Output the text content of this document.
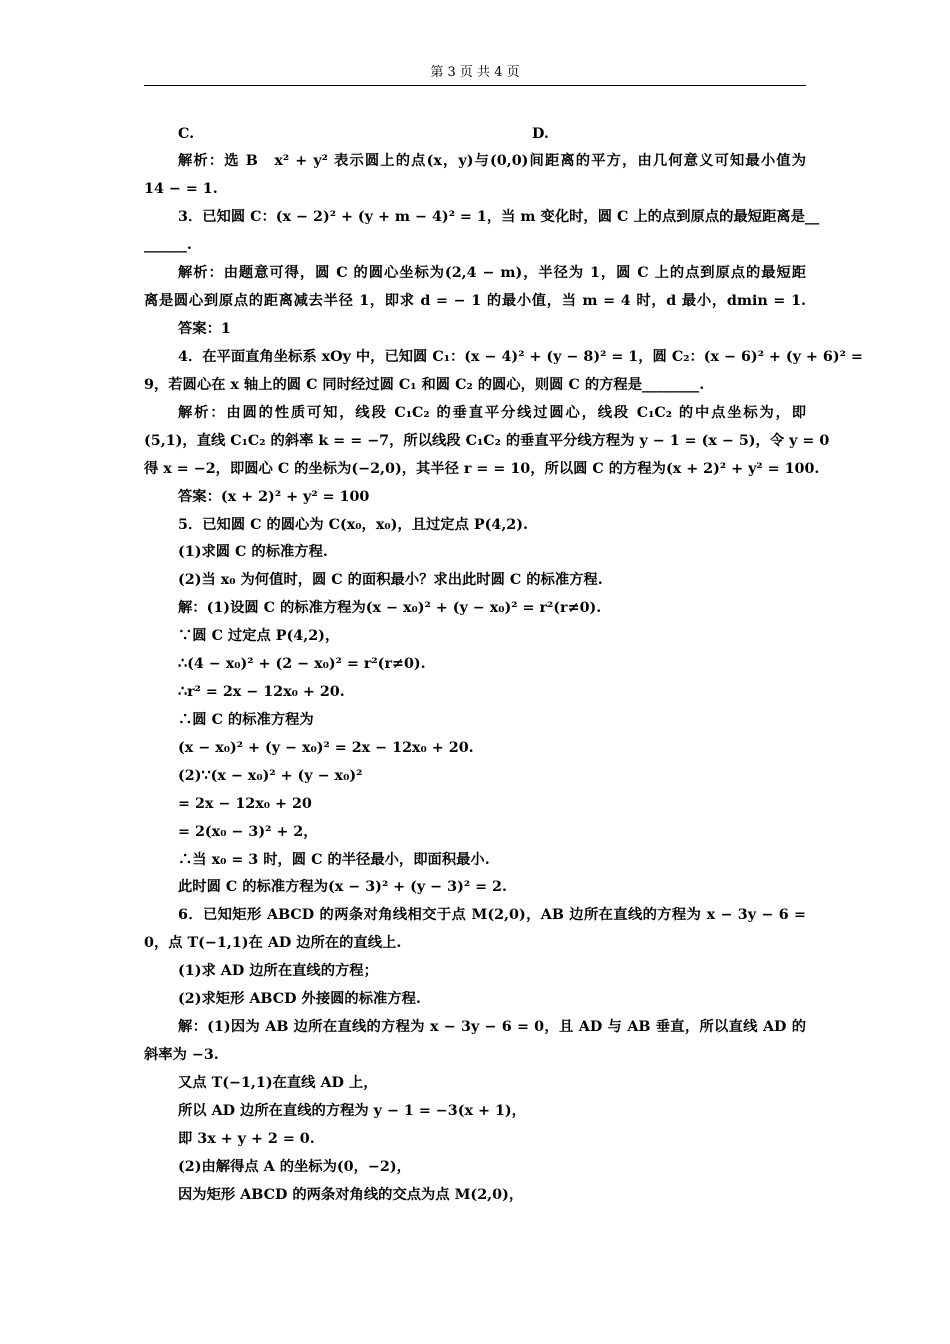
第 3 页 共 4 页
C.	D.
解析：选 B　x² + y² 表示圆上的点(x，y)与(0,0)间距离的平方，由几何意义可知最小值为
14 − = 1.
3．已知圆 C：(x − 2)² + (y + m − 4)² = 1，当 m 变化时，圆 C 上的点到原点的最短距离是__
______.
解析：由题意可得，圆 C 的圆心坐标为(2,4 − m)，半径为 1，圆 C 上的点到原点的最短距
离是圆心到原点的距离减去半径 1，即求 d = − 1 的最小值，当 m = 4 时，d 最小，dmin = 1.
答案：1
4．在平面直角坐标系 xOy 中，已知圆 C₁：(x − 4)² + (y − 8)² = 1，圆 C₂：(x − 6)² + (y + 6)² =
9，若圆心在 x 轴上的圆 C 同时经过圆 C₁ 和圆 C₂ 的圆心，则圆 C 的方程是________.
解析：由圆的性质可知，线段 C₁C₂ 的垂直平分线过圆心，线段 C₁C₂ 的中点坐标为，即
(5,1)，直线 C₁C₂ 的斜率 k = = −7，所以线段 C₁C₂ 的垂直平分线方程为 y − 1 = (x − 5)，令 y = 0
得 x = −2，即圆心 C 的坐标为(−2,0)，其半径 r = = 10，所以圆 C 的方程为(x + 2)² + y² = 100.
答案：(x + 2)² + y² = 100
5．已知圆 C 的圆心为 C(x₀，x₀)，且过定点 P(4,2).
(1)求圆 C 的标准方程.
(2)当 x₀ 为何值时，圆 C 的面积最小？求出此时圆 C 的标准方程.
解：(1)设圆 C 的标准方程为(x − x₀)² + (y − x₀)² = r²(r≠0).
∵圆 C 过定点 P(4,2)，
∴(4 − x₀)² + (2 − x₀)² = r²(r≠0).
∴r² = 2x − 12x₀ + 20.
∴圆 C 的标准方程为
(x − x₀)² + (y − x₀)² = 2x − 12x₀ + 20.
(2)∵(x − x₀)² + (y − x₀)²
= 2x − 12x₀ + 20
= 2(x₀ − 3)² + 2，
∴当 x₀ = 3 时，圆 C 的半径最小，即面积最小.
此时圆 C 的标准方程为(x − 3)² + (y − 3)² = 2.
6．已知矩形 ABCD 的两条对角线相交于点 M(2,0)，AB 边所在直线的方程为 x − 3y − 6 =
0，点 T(−1,1)在 AD 边所在的直线上.
(1)求 AD 边所在直线的方程；
(2)求矩形 ABCD 外接圆的标准方程.
解：(1)因为 AB 边所在直线的方程为 x − 3y − 6 = 0，且 AD 与 AB 垂直，所以直线 AD 的
斜率为 −3.
又点 T(−1,1)在直线 AD 上，
所以 AD 边所在直线的方程为 y − 1 = −3(x + 1)，
即 3x + y + 2 = 0.
(2)由解得点 A 的坐标为(0，−2)，
因为矩形 ABCD 的两条对角线的交点为点 M(2,0)，
